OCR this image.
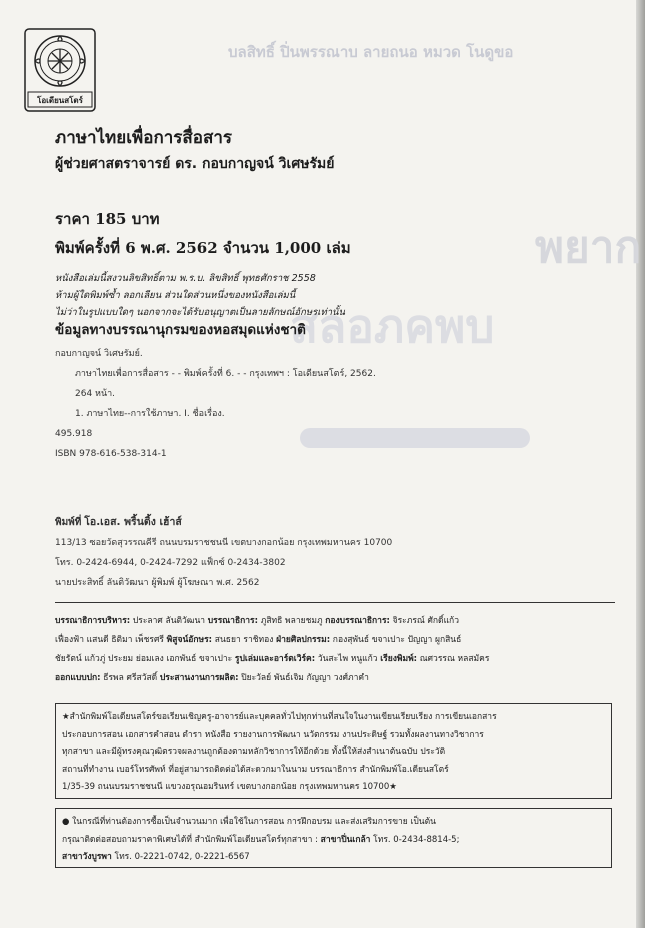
บลสิทธิ์ ปิ่นพรรณาบ ลายถนอ หมวด โนดูขอ
พยาก
สลอภคพบ
โอเดียนสโตร์
ภาษาไทยเพื่อการสื่อสาร
ผู้ช่วยศาสตราจารย์ ดร. กอบกาญจน์ วิเศษรัมย์
ราคา 185 บาท
พิมพ์ครั้งที่ 6 พ.ศ. 2562 จำนวน 1,000 เล่ม
หนังสือเล่มนี้สงวนลิขสิทธิ์ตาม พ.ร.บ. ลิขสิทธิ์ พุทธศักราช 2558
ห้ามผู้ใดพิมพ์ซ้ำ ลอกเลียน ส่วนใดส่วนหนึ่งของหนังสือเล่มนี้
ไม่ว่าในรูปแบบใดๆ นอกจากจะได้รับอนุญาตเป็นลายลักษณ์อักษรเท่านั้น
ข้อมูลทางบรรณานุกรมของหอสมุดแห่งชาติ
กอบกาญจน์ วิเศษรัมย์.
ภาษาไทยเพื่อการสื่อสาร - - พิมพ์ครั้งที่ 6. - - กรุงเทพฯ : โอเดียนสโตร์, 2562.
264 หน้า.
1. ภาษาไทย--การใช้ภาษา. I. ชื่อเรื่อง.
495.918
ISBN 978-616-538-314-1
พิมพ์ที่ โอ.เอส. พริ้นติ้ง เฮ้าส์
113/13 ซอยวัดสุวรรณคีรี ถนนบรมราชชนนี เขตบางกอกน้อย กรุงเทพมหานคร 10700
โทร. 0-2424-6944, 0-2424-7292 แฟ็กซ์ 0-2434-3802
นายประสิทธิ์ ลันติวัฒนา ผู้พิมพ์ ผู้โฆษณา พ.ศ. 2562
บรรณาธิการบริหาร: ประลาศ ลันติวัฒนา บรรณาธิการ: ภูสิทธิ พลายชมภู กองบรรณาธิการ: จิระภรณ์ ศักดิ์แก้ว
เฟื่องฟ้า แสนดี ธิติมา เพ็ชรศรี พิสูจน์อักษร: สนธยา ราชิทอง ฝ่ายศิลปกรรม: กองสุพันธ์ ขจาเปาะ ปัญญา ผูกสินธ์
ชัยรัตน์ แก้วภู่ ประยม ย่อมเลง เอกพันธ์ ขจาเปาะ รูปเล่มและอาร์ตเวิร์ค: วันสะไพ หนูแก้ว เรียงพิมพ์: ณศวรรณ หลสมัคร
ออกแบบปก: ธีรพล ศรีสวัสดิ์ ประสานงานการผลิต: ปิยะวัลย์ พันธ์เจิม กัญญา วงศ์ภาคำ
★สำนักพิมพ์โอเดียนสโตร์ขอเรียนเชิญครู-อาจารย์และบุคคลทั่วไปทุกท่านที่สนใจในงานเขียนเรียบเรียง การเขียนเอกสาร
ประกอบการสอน เอกสารคำสอน ตำรา หนังสือ รายงานการพัฒนา นวัตกรรม งานประดิษฐ์ รวมทั้งผลงานทางวิชาการ
ทุกสาขา และมีผู้ทรงคุณวุฒิตรวจผลงานถูกต้องตามหลักวิชาการให้อีกด้วย ทั้งนี้ให้ส่งสำเนาต้นฉบับ ประวัติ
สถานที่ทำงาน เบอร์โทรศัพท์ ที่อยู่สามารถติดต่อได้สะดวกมาในนาม บรรณาธิการ สำนักพิมพ์โอ.เดียนสโตร์
1/35-39 ถนนบรมราชชนนี แขวงอรุณอมรินทร์ เขตบางกอกน้อย กรุงเทพมหานคร 10700★
● ในกรณีที่ท่านต้องการซื้อเป็นจำนวนมาก เพื่อใช้ในการสอน การฝึกอบรม และส่งเสริมการขาย เป็นต้น
กรุณาติดต่อสอบถามราคาพิเศษได้ที่ สำนักพิมพ์โอเดียนสโตร์ทุกสาขา : สาขาปิ่นเกล้า โทร. 0-2434-8814-5;
สาขาวังบูรพา โทร. 0-2221-0742, 0-2221-6567
